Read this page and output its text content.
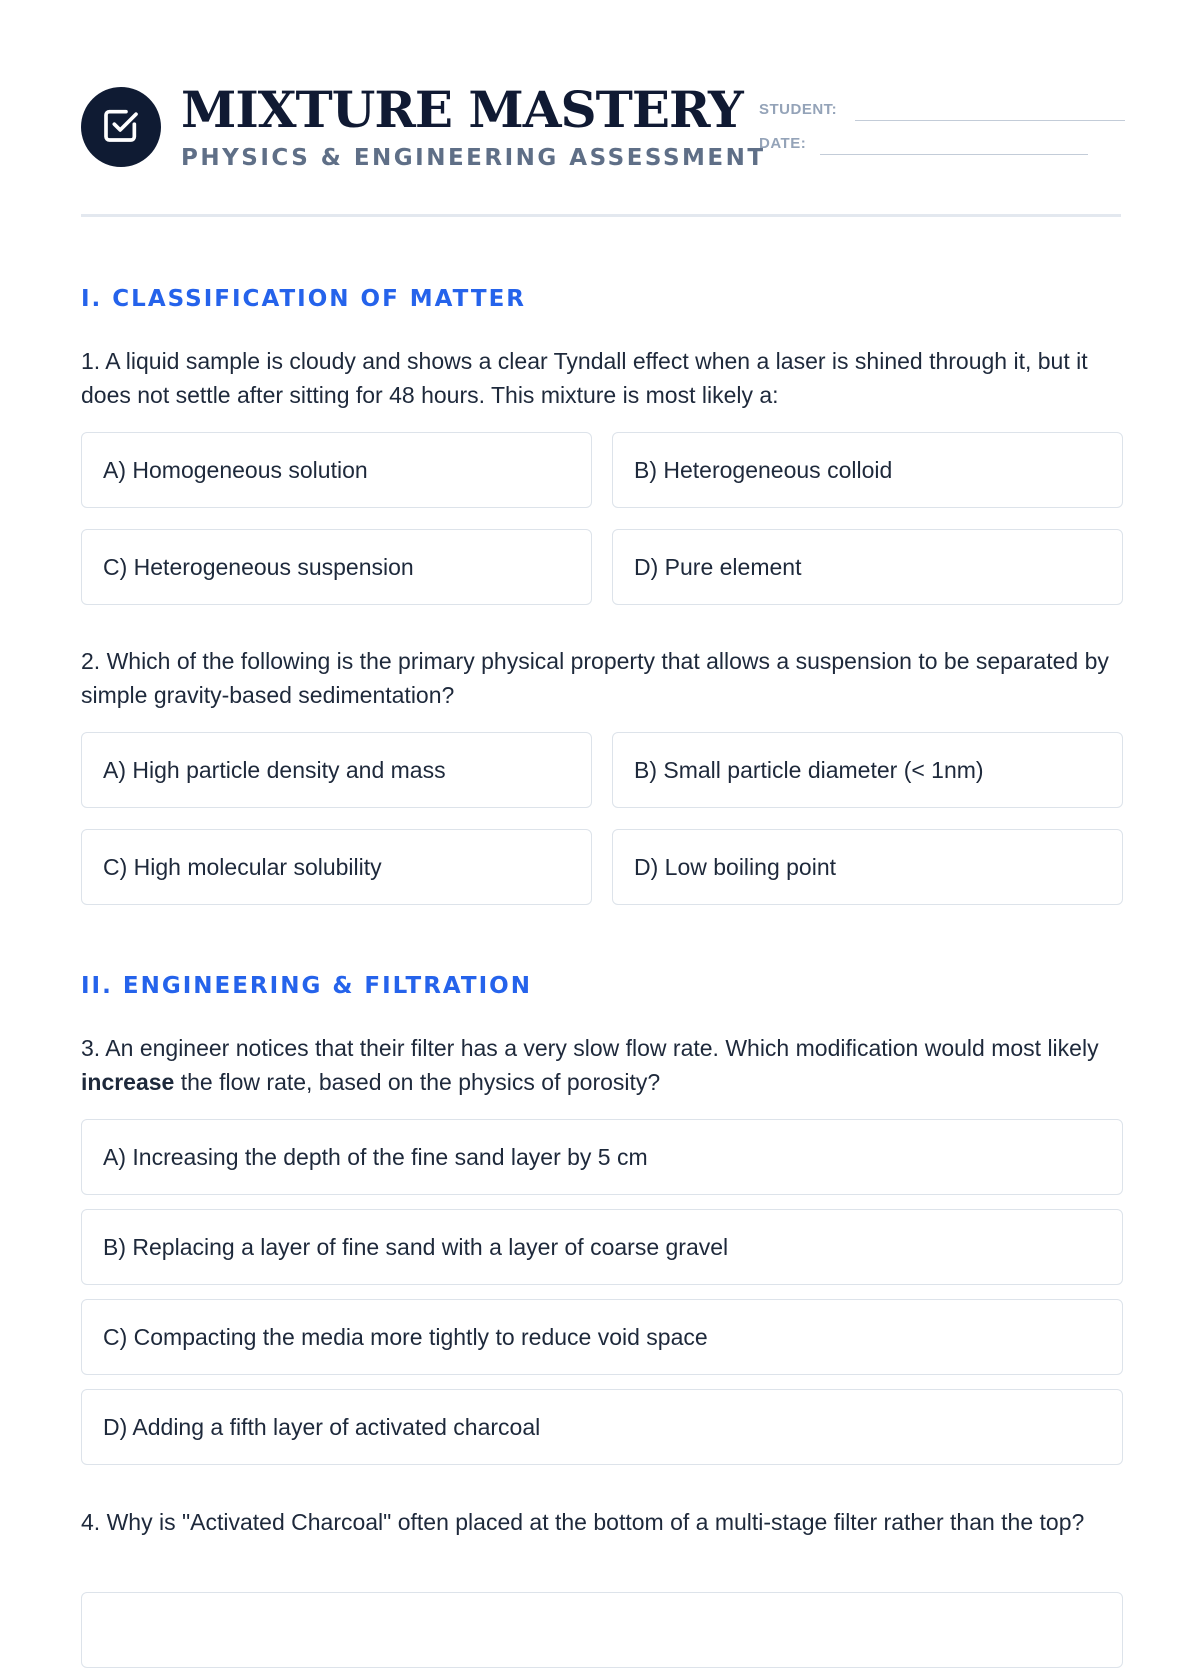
MIXTURE MASTERY
PHYSICS & ENGINEERING ASSESSMENT
STUDENT:
DATE:
I. CLASSIFICATION OF MATTER
1. A liquid sample is cloudy and shows a clear Tyndall effect when a laser is shined through it, but it does not settle after sitting for 48 hours. This mixture is most likely a:
A) Homogeneous solution	B) Heterogeneous colloid
C) Heterogeneous suspension	D) Pure element
2. Which of the following is the primary physical property that allows a suspension to be separated by simple gravity-based sedimentation?
A) High particle density and mass	B) Small particle diameter (< 1nm)
C) High molecular solubility	D) Low boiling point
II. ENGINEERING & FILTRATION
3. An engineer notices that their filter has a very slow flow rate. Which modification would most likely increase the flow rate, based on the physics of porosity?
A) Increasing the depth of the fine sand layer by 5 cm
B) Replacing a layer of fine sand with a layer of coarse gravel
C) Compacting the media more tightly to reduce void space
D) Adding a fifth layer of activated charcoal
4. Why is "Activated Charcoal" often placed at the bottom of a multi-stage filter rather than the top?
